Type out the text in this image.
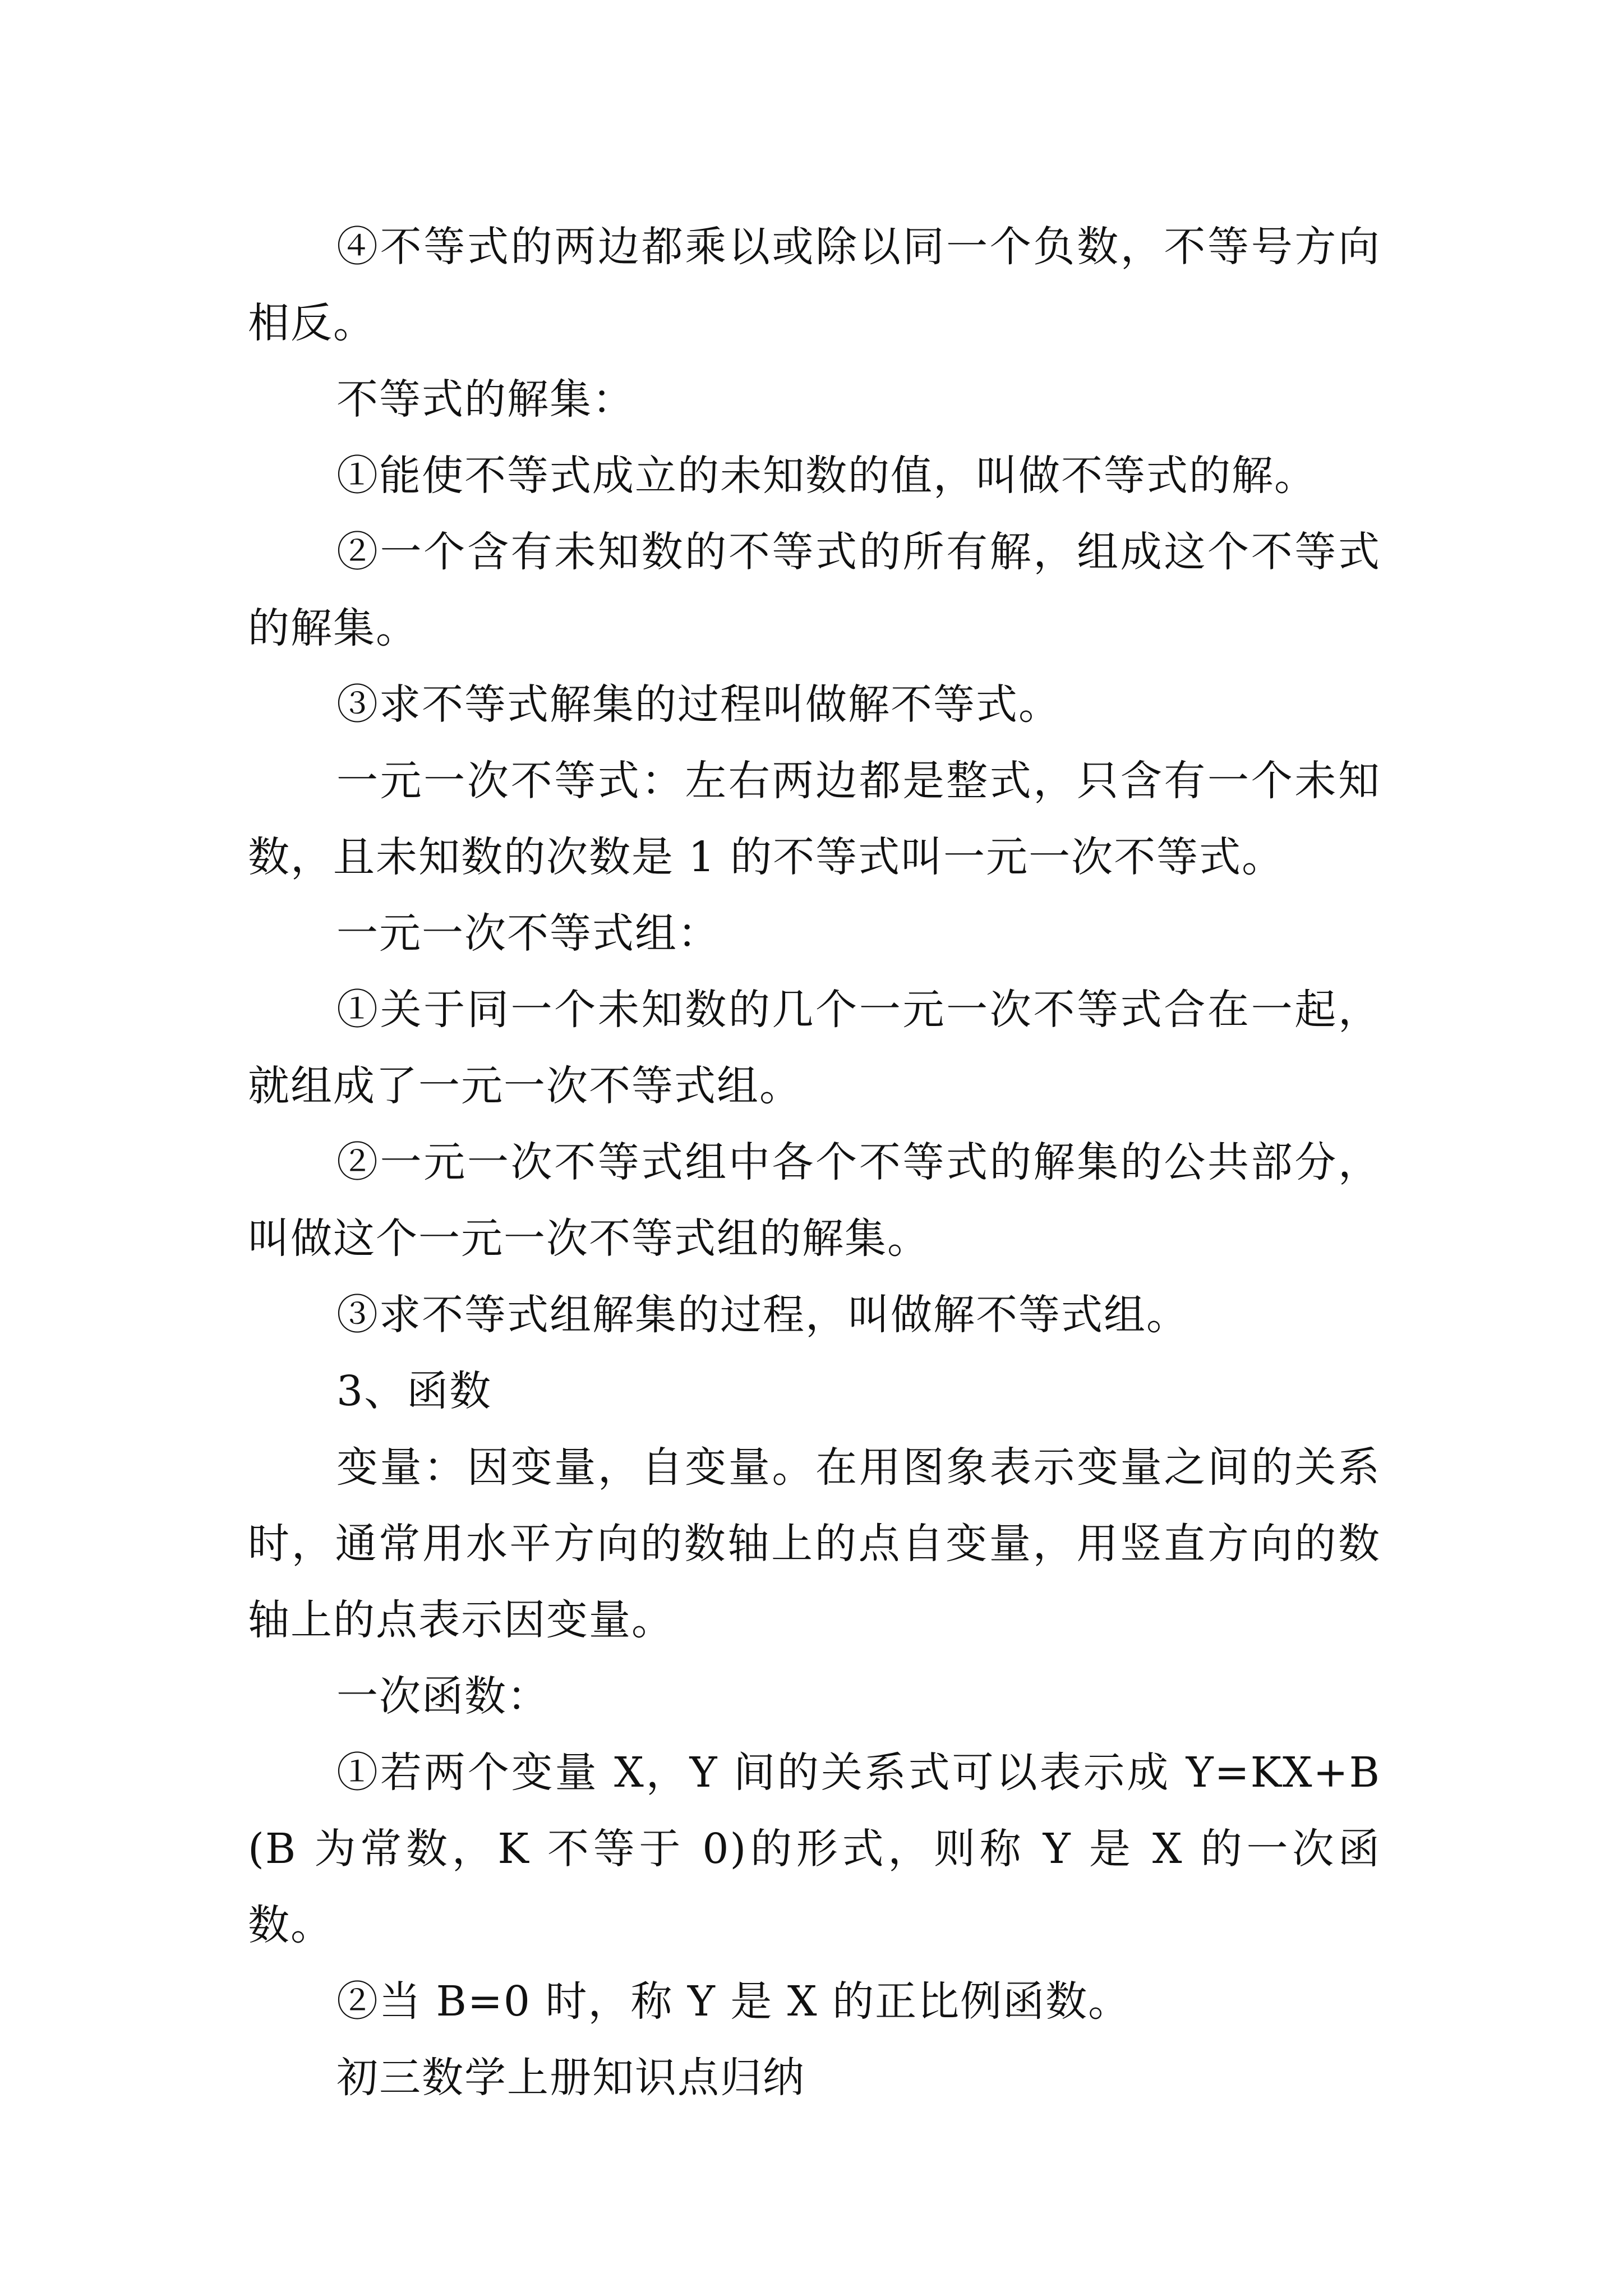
④不等式的两边都乘以或除以同一个负数，不等号方向相反。

不等式的解集：

①能使不等式成立的未知数的值，叫做不等式的解。

②一个含有未知数的不等式的所有解，组成这个不等式的解集。

③求不等式解集的过程叫做解不等式。

一元一次不等式：左右两边都是整式，只含有一个未知数，且未知数的次数是 1 的不等式叫一元一次不等式。

一元一次不等式组：

①关于同一个未知数的几个一元一次不等式合在一起，就组成了一元一次不等式组。

②一元一次不等式组中各个不等式的解集的公共部分，叫做这个一元一次不等式组的解集。

③求不等式组解集的过程，叫做解不等式组。

3、函数

变量：因变量，自变量。在用图象表示变量之间的关系时，通常用水平方向的数轴上的点自变量，用竖直方向的数轴上的点表示因变量。

一次函数：

①若两个变量 X，Y 间的关系式可以表示成 Y=KX+B(B 为常数，K 不等于 0)的形式，则称 Y 是 X 的一次函数。

②当 B=0 时，称 Y 是 X 的正比例函数。

初三数学上册知识点归纳
